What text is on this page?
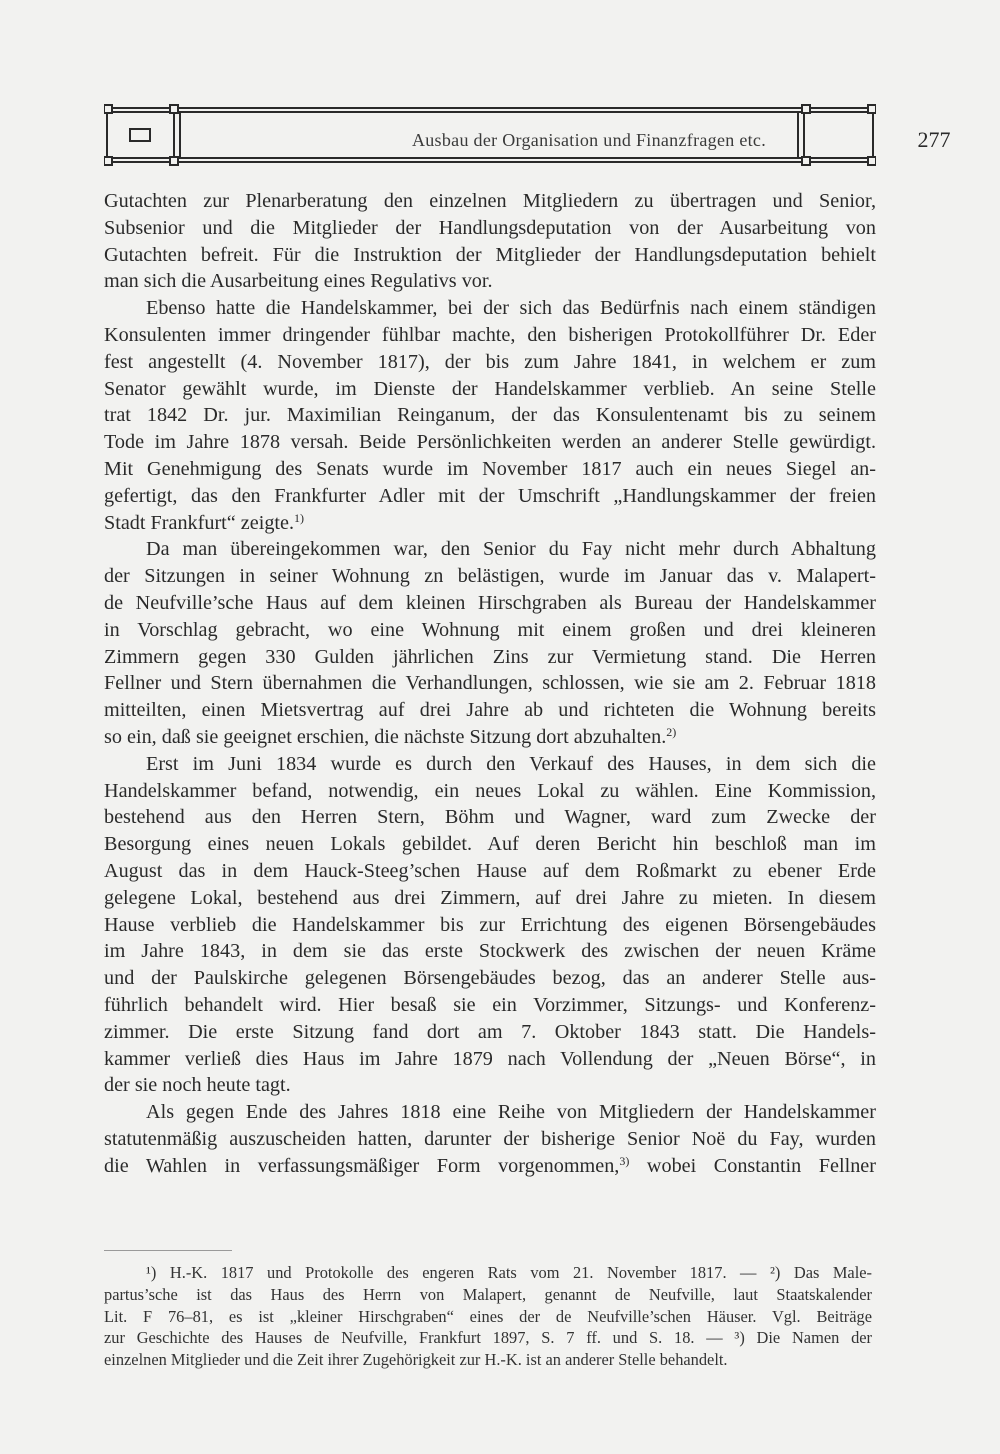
Ausbau der Organisation und Finanzfragen etc.	277
Gutachten zur Plenarberatung den einzelnen Mitgliedern zu übertragen und Senior,
Subsenior und die Mitglieder der Handlungsdeputation von der Ausarbeitung von
Gutachten befreit. Für die Instruktion der Mitglieder der Handlungsdeputation behielt
man sich die Ausarbeitung eines Regulativs vor.
Ebenso hatte die Handelskammer, bei der sich das Bedürfnis nach einem ständigen
Konsulenten immer dringender fühlbar machte, den bisherigen Protokollführer Dr. Eder
fest angestellt (4. November 1817), der bis zum Jahre 1841, in welchem er zum
Senator gewählt wurde, im Dienste der Handelskammer verblieb. An seine Stelle
trat 1842 Dr. jur. Maximilian Reinganum, der das Konsulentenamt bis zu seinem
Tode im Jahre 1878 versah. Beide Persönlichkeiten werden an anderer Stelle gewürdigt.
Mit Genehmigung des Senats wurde im November 1817 auch ein neues Siegel an-
gefertigt, das den Frankfurter Adler mit der Umschrift „Handlungskammer der freien
Stadt Frankfurt“ zeigte.$^{1)}$
Da man übereingekommen war, den Senior du Fay nicht mehr durch Abhaltung
der Sitzungen in seiner Wohnung zn belästigen, wurde im Januar das v. Malapert-
de Neufville’sche Haus auf dem kleinen Hirschgraben als Bureau der Handelskammer
in Vorschlag gebracht, wo eine Wohnung mit einem großen und drei kleineren
Zimmern gegen 330 Gulden jährlichen Zins zur Vermietung stand. Die Herren
Fellner und Stern übernahmen die Verhandlungen, schlossen, wie sie am 2. Februar 1818
mitteilten, einen Mietsvertrag auf drei Jahre ab und richteten die Wohnung bereits
so ein, daß sie geeignet erschien, die nächste Sitzung dort abzuhalten.$^{2)}$
Erst im Juni 1834 wurde es durch den Verkauf des Hauses, in dem sich die
Handelskammer befand, notwendig, ein neues Lokal zu wählen. Eine Kommission,
bestehend aus den Herren Stern, Böhm und Wagner, ward zum Zwecke der
Besorgung eines neuen Lokals gebildet. Auf deren Bericht hin beschloß man im
August das in dem Hauck-Steeg’schen Hause auf dem Roßmarkt zu ebener Erde
gelegene Lokal, bestehend aus drei Zimmern, auf drei Jahre zu mieten. In diesem
Hause verblieb die Handelskammer bis zur Errichtung des eigenen Börsengebäudes
im Jahre 1843, in dem sie das erste Stockwerk des zwischen der neuen Kräme
und der Paulskirche gelegenen Börsengebäudes bezog, das an anderer Stelle aus-
führlich behandelt wird. Hier besaß sie ein Vorzimmer, Sitzungs- und Konferenz-
zimmer. Die erste Sitzung fand dort am 7. Oktober 1843 statt. Die Handels-
kammer verließ dies Haus im Jahre 1879 nach Vollendung der „Neuen Börse“, in
der sie noch heute tagt.
Als gegen Ende des Jahres 1818 eine Reihe von Mitgliedern der Handelskammer
statutenmäßig auszuscheiden hatten, darunter der bisherige Senior Noë du Fay, wurden
die Wahlen in verfassungsmäßiger Form vorgenommen,$^{3)}$ wobei Constantin Fellner
¹) H.-K. 1817 und Protokolle des engeren Rats vom 21. November 1817. — ²) Das Male-
partus’sche ist das Haus des Herrn von Malapert, genannt de Neufville, laut Staatskalender
Lit. F 76–81, es ist „kleiner Hirschgraben“ eines der de Neufville’schen Häuser. Vgl. Beiträge
zur Geschichte des Hauses de Neufville, Frankfurt 1897, S. 7 ff. und S. 18. — ³) Die Namen der
einzelnen Mitglieder und die Zeit ihrer Zugehörigkeit zur H.-K. ist an anderer Stelle behandelt.
